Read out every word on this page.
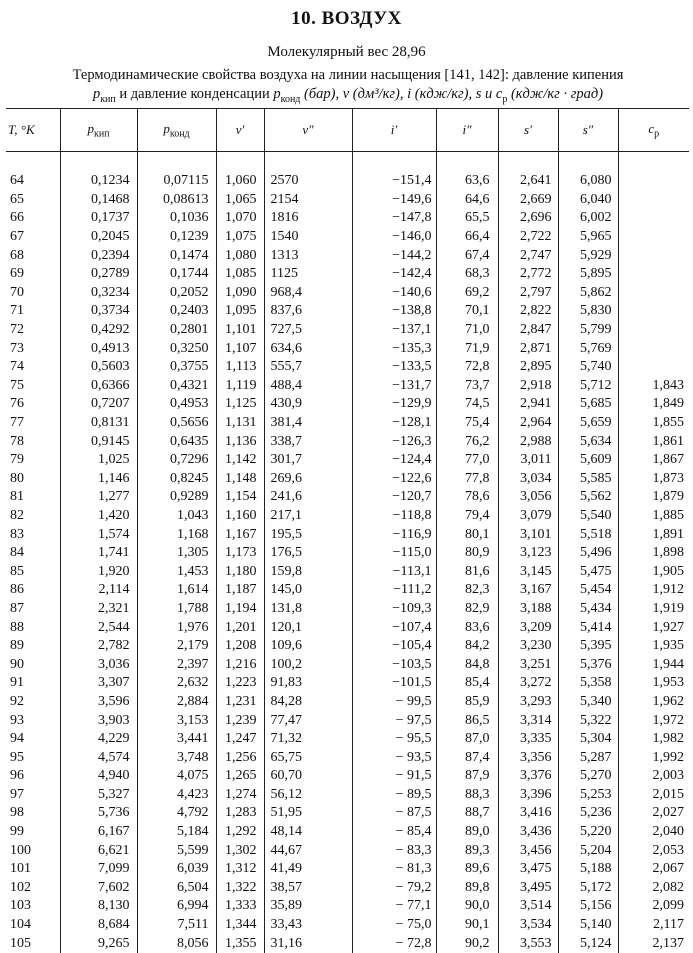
10. ВОЗДУХ
Молекулярный вес 28,96
Термодинамические свойства воздуха на линии насыщения [141, 142]: давление кипения
$p_{кип}$ и давление конденсации $p_{конд}$ (бар), v (дм³/кг), i (кдж/кг), s и $c_p$ (кдж/кг · град)
T, °K	$p_{кип}$	$p_{конд}$	v′	v″	i′	i″	s′	s″	$c_p$

64	0,1234	0,07115	1,060	2570	−151,4	63,6	2,641	6,080	
65	0,1468	0,08613	1,065	2154	−149,6	64,6	2,669	6,040	
66	0,1737	0,1036	1,070	1816	−147,8	65,5	2,696	6,002	
67	0,2045	0,1239	1,075	1540	−146,0	66,4	2,722	5,965	
68	0,2394	0,1474	1,080	1313	−144,2	67,4	2,747	5,929	
69	0,2789	0,1744	1,085	1125	−142,4	68,3	2,772	5,895	
70	0,3234	0,2052	1,090	968,4	−140,6	69,2	2,797	5,862	
71	0,3734	0,2403	1,095	837,6	−138,8	70,1	2,822	5,830	
72	0,4292	0,2801	1,101	727,5	−137,1	71,0	2,847	5,799	
73	0,4913	0,3250	1,107	634,6	−135,3	71,9	2,871	5,769	
74	0,5603	0,3755	1,113	555,7	−133,5	72,8	2,895	5,740	
75	0,6366	0,4321	1,119	488,4	−131,7	73,7	2,918	5,712	1,843
76	0,7207	0,4953	1,125	430,9	−129,9	74,5	2,941	5,685	1,849
77	0,8131	0,5656	1,131	381,4	−128,1	75,4	2,964	5,659	1,855
78	0,9145	0,6435	1,136	338,7	−126,3	76,2	2,988	5,634	1,861
79	1,025	0,7296	1,142	301,7	−124,4	77,0	3,011	5,609	1,867
80	1,146	0,8245	1,148	269,6	−122,6	77,8	3,034	5,585	1,873
81	1,277	0,9289	1,154	241,6	−120,7	78,6	3,056	5,562	1,879
82	1,420	1,043	1,160	217,1	−118,8	79,4	3,079	5,540	1,885
83	1,574	1,168	1,167	195,5	−116,9	80,1	3,101	5,518	1,891
84	1,741	1,305	1,173	176,5	−115,0	80,9	3,123	5,496	1,898
85	1,920	1,453	1,180	159,8	−113,1	81,6	3,145	5,475	1,905
86	2,114	1,614	1,187	145,0	−111,2	82,3	3,167	5,454	1,912
87	2,321	1,788	1,194	131,8	−109,3	82,9	3,188	5,434	1,919
88	2,544	1,976	1,201	120,1	−107,4	83,6	3,209	5,414	1,927
89	2,782	2,179	1,208	109,6	−105,4	84,2	3,230	5,395	1,935
90	3,036	2,397	1,216	100,2	−103,5	84,8	3,251	5,376	1,944
91	3,307	2,632	1,223	91,83	−101,5	85,4	3,272	5,358	1,953
92	3,596	2,884	1,231	84,28	− 99,5	85,9	3,293	5,340	1,962
93	3,903	3,153	1,239	77,47	− 97,5	86,5	3,314	5,322	1,972
94	4,229	3,441	1,247	71,32	− 95,5	87,0	3,335	5,304	1,982
95	4,574	3,748	1,256	65,75	− 93,5	87,4	3,356	5,287	1,992
96	4,940	4,075	1,265	60,70	− 91,5	87,9	3,376	5,270	2,003
97	5,327	4,423	1,274	56,12	− 89,5	88,3	3,396	5,253	2,015
98	5,736	4,792	1,283	51,95	− 87,5	88,7	3,416	5,236	2,027
99	6,167	5,184	1,292	48,14	− 85,4	89,0	3,436	5,220	2,040
100	6,621	5,599	1,302	44,67	− 83,3	89,3	3,456	5,204	2,053
101	7,099	6,039	1,312	41,49	− 81,3	89,6	3,475	5,188	2,067
102	7,602	6,504	1,322	38,57	− 79,2	89,8	3,495	5,172	2,082
103	8,130	6,994	1,333	35,89	− 77,1	90,0	3,514	5,156	2,099
104	8,684	7,511	1,344	33,43	− 75,0	90,1	3,534	5,140	2,117
105	9,265	8,056	1,355	31,16	− 72,8	90,2	3,553	5,124	2,137
